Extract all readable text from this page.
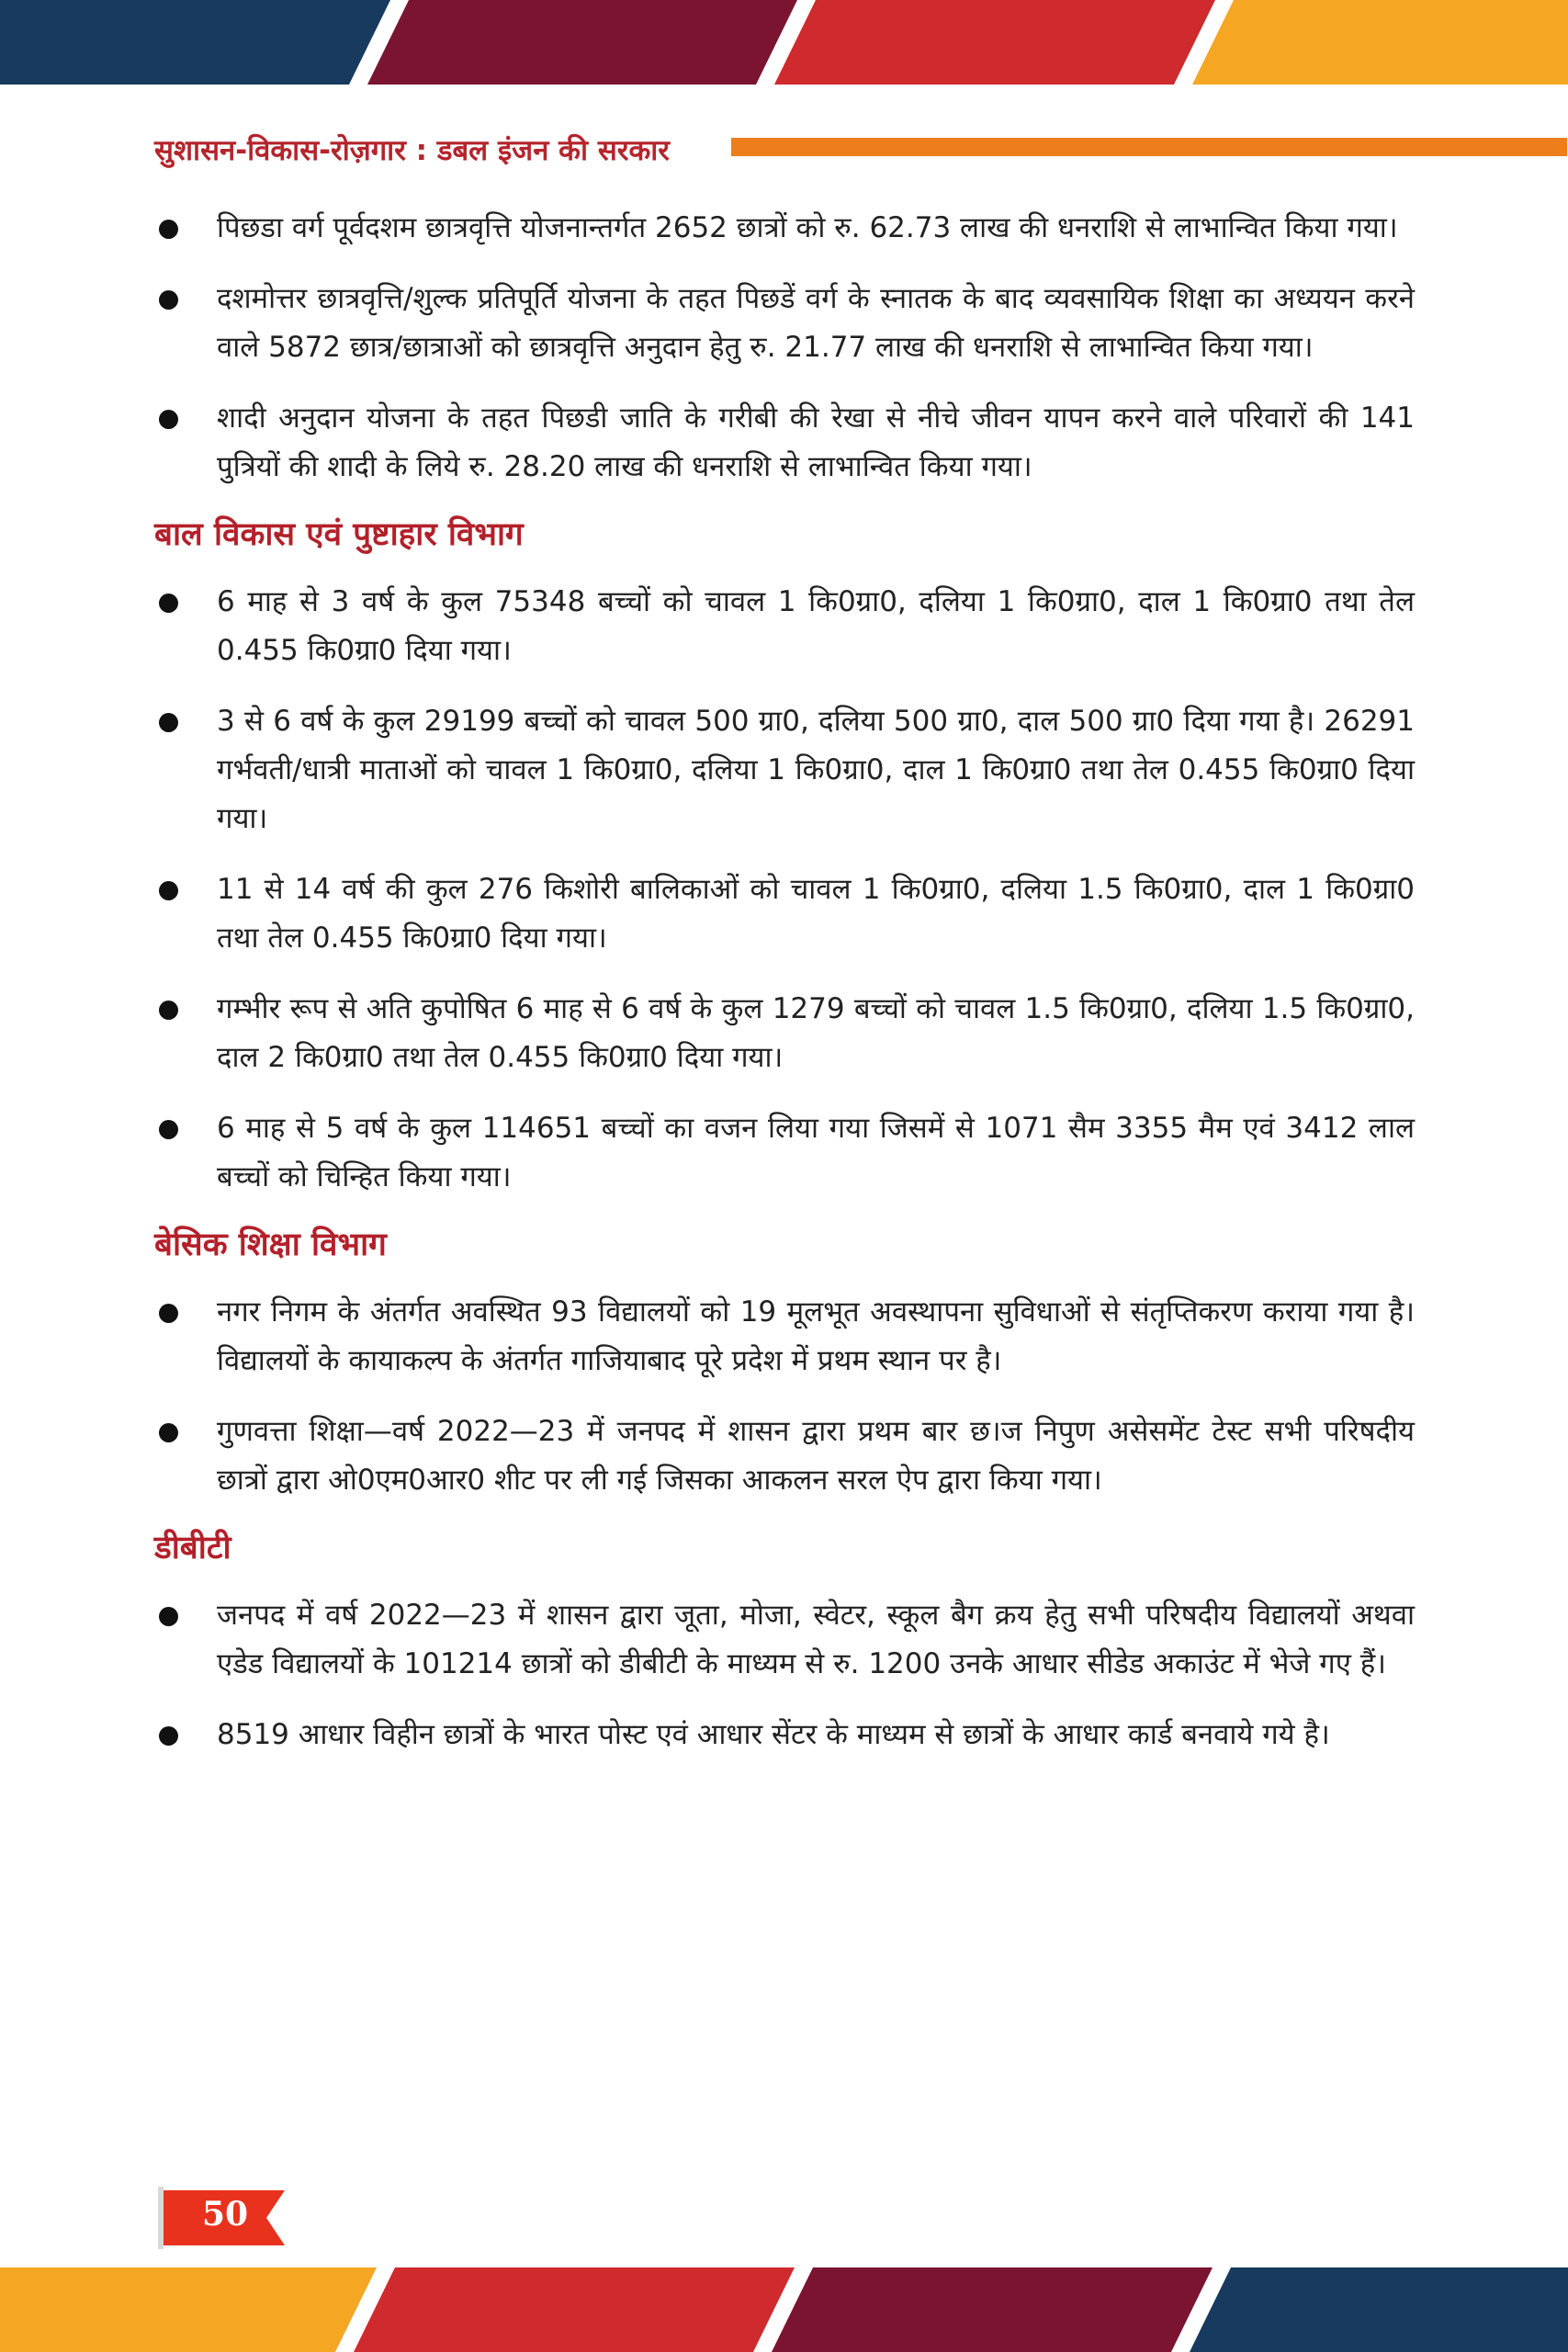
सुशासन-विकास-रोज़गार : डबल इंजन की सरकार
पिछडा वर्ग पूर्वदशम छात्रवृत्ति योजनान्तर्गत 2652 छात्रों को रु. 62.73 लाख की धनराशि से लाभान्वित किया गया।
दशमोत्तर छात्रवृत्ति/शुल्क प्रतिपूर्ति योजना के तहत पिछडें वर्ग के स्नातक के बाद व्यवसायिक शिक्षा का अध्ययन करने वाले 5872 छात्र/छात्राओं को छात्रवृत्ति अनुदान हेतु रु. 21.77 लाख की धनराशि से लाभान्वित किया गया।
शादी अनुदान योजना के तहत पिछडी जाति के गरीबी की रेखा से नीचे जीवन यापन करने वाले परिवारों की 141 पुत्रियों की शादी के लिये रु. 28.20 लाख की धनराशि से लाभान्वित किया गया।
बाल विकास एवं पुष्टाहार विभाग
6 माह से 3 वर्ष के कुल 75348 बच्चों को चावल 1 कि0ग्रा0, दलिया 1 कि0ग्रा0, दाल 1 कि0ग्रा0 तथा तेल 0.455 कि0ग्रा0 दिया गया।
3 से 6 वर्ष के कुल 29199 बच्चों को चावल 500 ग्रा0, दलिया 500 ग्रा0, दाल 500 ग्रा0 दिया गया है। 26291 गर्भवती/धात्री माताओं को चावल 1 कि0ग्रा0, दलिया 1 कि0ग्रा0, दाल 1 कि0ग्रा0 तथा तेल 0.455 कि0ग्रा0 दिया गया।
11 से 14 वर्ष की कुल 276 किशोरी बालिकाओं को चावल 1 कि0ग्रा0, दलिया 1.5 कि0ग्रा0, दाल 1 कि0ग्रा0 तथा तेल 0.455 कि0ग्रा0 दिया गया।
गम्भीर रूप से अति कुपोषित 6 माह से 6 वर्ष के कुल 1279 बच्चों को चावल 1.5 कि0ग्रा0, दलिया 1.5 कि0ग्रा0, दाल 2 कि0ग्रा0 तथा तेल 0.455 कि0ग्रा0 दिया गया।
6 माह से 5 वर्ष के कुल 114651 बच्चों का वजन लिया गया जिसमें से 1071 सैम 3355 मैम एवं 3412 लाल बच्चों को चिन्हित किया गया।
बेसिक शिक्षा विभाग
नगर निगम के अंतर्गत अवस्थित 93 विद्यालयों को 19 मूलभूत अवस्थापना सुविधाओं से संतृप्तिकरण कराया गया है। विद्यालयों के कायाकल्प के अंतर्गत गाजियाबाद पूरे प्रदेश में प्रथम स्थान पर है।
गुणवत्ता शिक्षा—वर्ष 2022—23 में जनपद में शासन द्वारा प्रथम बार छ।ज निपुण असेसमेंट टेस्ट सभी परिषदीय छात्रों द्वारा ओ0एम0आर0 शीट पर ली गई जिसका आकलन सरल ऐप द्वारा किया गया।
डीबीटी
जनपद में वर्ष 2022—23 में शासन द्वारा जूता, मोजा, स्वेटर, स्कूल बैग क्रय हेतु सभी परिषदीय विद्यालयों अथवा एडेड विद्यालयों के 101214 छात्रों को डीबीटी के माध्यम से रु. 1200 उनके आधार सीडेड अकाउंट में भेजे गए हैं।
8519 आधार विहीन छात्रों के भारत पोस्ट एवं आधार सेंटर के माध्यम से छात्रों के आधार कार्ड बनवाये गये है।
50
